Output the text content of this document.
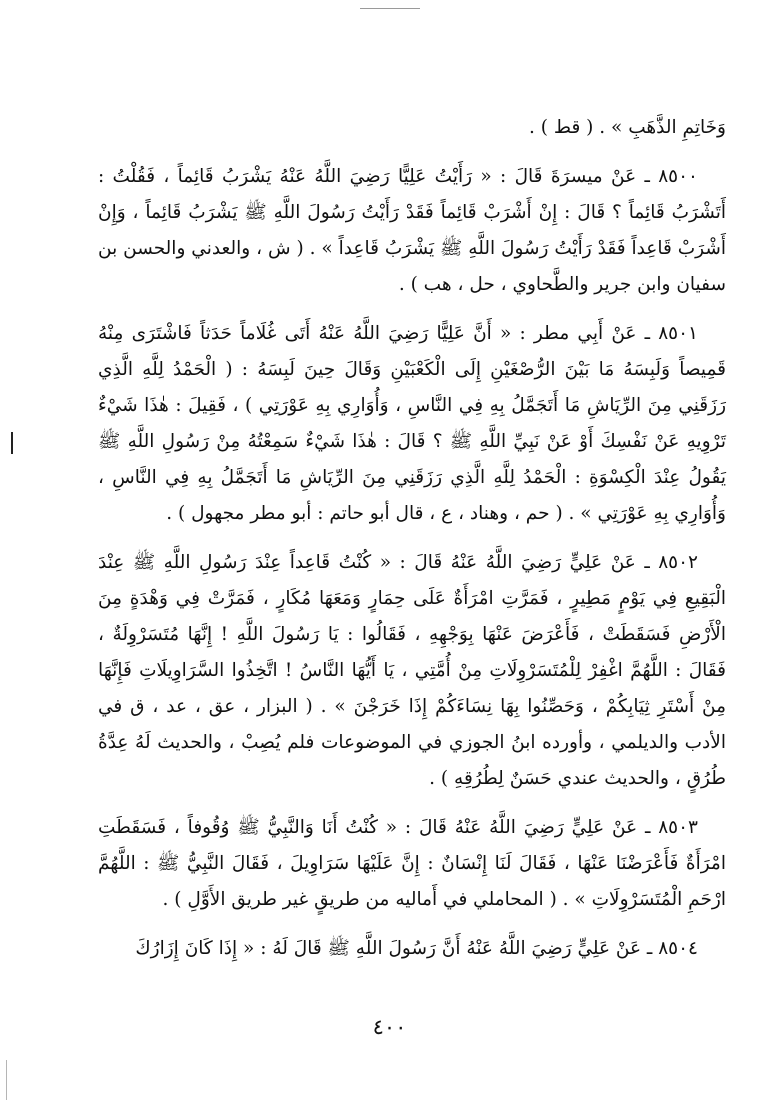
وَخَاتِمِ الذَّهَبِ » . ( قط ) .

٨٥٠٠ ـ عَنْ ميسرَةَ قَالَ : « رَأَيْتُ عَلِيًّا رَضِيَ اللَّهُ عَنْهُ يَشْرَبُ قَائِماً ، فَقُلْتُ : أَتَشْرَبُ قَائِماً ؟ قَالَ : إِنْ أَشْرَبْ قَائِماً فَقَدْ رَأَيْتُ رَسُولَ اللَّهِ ﷺ يَشْرَبُ قَائِماً ، وَإِنْ أَشْرَبْ قَاعِداً فَقَدْ رَأَيْتُ رَسُولَ اللَّهِ ﷺ يَشْرَبُ قَاعِداً » . ( ش ، والعدني والحسن بن سفيان وابن جرير والطَّحاوي ، حل ، هب ) .

٨٥٠١ ـ عَنْ أَبِي مطر : « أَنَّ عَلِيًّا رَضِيَ اللَّهُ عَنْهُ أَتَى غُلَاماً حَدَثاً فَاشْتَرَى مِنْهُ قَمِيصاً وَلَبِسَهُ مَا بَيْنَ الرُّصْغَيْنِ إِلَى الْكَعْبَيْنِ وَقَالَ حِينَ لَبِسَهُ : ( الْحَمْدُ لِلَّهِ الَّذِي رَزَقَنِي مِنَ الرِّيَاشِ مَا أَتَجَمَّلُ بِهِ فِي النَّاسِ ، وَأُوَارِي بِهِ عَوْرَتِي ) ، فَقِيلَ : هٰذَا شَيْءٌ تَرْوِيهِ عَنْ نَفْسِكَ أَوْ عَنْ نَبِيِّ اللَّهِ ﷺ ؟ قَالَ : هٰذَا شَيْءٌ سَمِعْتُهُ مِنْ رَسُولِ اللَّهِ ﷺ يَقُولُ عِنْدَ الْكِسْوَةِ : الْحَمْدُ لِلَّهِ الَّذِي رَزَقَنِي مِنَ الرِّيَاشِ مَا أَتَجَمَّلُ بِهِ فِي النَّاسِ ، وَأُوَارِي بِهِ عَوْرَتِي » . ( حم ، وهناد ، ع ، قال أبو حاتم : أبو مطر مجهول ) .

٨٥٠٢ ـ عَنْ عَلِيٍّ رَضِيَ اللَّهُ عَنْهُ قَالَ : « كُنْتُ قَاعِداً عِنْدَ رَسُولِ اللَّهِ ﷺ عِنْدَ الْبَقِيعِ فِي يَوْمٍ مَطِيرٍ ، فَمَرَّتِ امْرَأَةٌ عَلَى حِمَارٍ وَمَعَهَا مُكَارٍ ، فَمَرَّتْ فِي وَهْدَةٍ مِنَ الْأَرْضِ فَسَقَطَتْ ، فَأَعْرَضَ عَنْهَا بِوَجْهِهِ ، فَقَالُوا : يَا رَسُولَ اللَّهِ ! إِنَّهَا مُتَسَرْوِلَةٌ ، فَقَالَ : اللَّهُمَّ اغْفِرْ لِلْمُتَسَرْوِلَاتِ مِنْ أُمَّتِي ، يَا أَيُّهَا النَّاسُ ! اتَّخِذُوا السَّرَاوِيلَاتِ فَإِنَّهَا مِنْ أَسْتَرِ ثِيَابِكُمْ ، وَحَصِّنُوا بِهَا نِسَاءَكُمْ إِذَا خَرَجْنَ » . ( البزار ، عق ، عد ، ق في الأدب والديلمي ، وأورده ابنُ الجوزي في الموضوعات فلم يُصِبْ ، والحديث لَهُ عِدَّةُ طُرُقٍ ، والحديث عندي حَسَنٌ لِطُرُقِهِ ) .

٨٥٠٣ ـ عَنْ عَلِيٍّ رَضِيَ اللَّهُ عَنْهُ قَالَ : « كُنْتُ أَنَا وَالنَّبِيُّ ﷺ وُقُوفاً ، فَسَقَطَتِ امْرَأَةٌ فَأَعْرَضْنَا عَنْهَا ، فَقَالَ لَنَا إِنْسَانٌ : إِنَّ عَلَيْهَا سَرَاوِيلَ ، فَقَالَ النَّبِيُّ ﷺ : اللَّهُمَّ ارْحَمِ الْمُتَسَرْوِلَاتِ » . ( المحاملي في أَماليه من طريقٍ غير طريق الأَوَّلِ ) .

٨٥٠٤ ـ عَنْ عَلِيٍّ رَضِيَ اللَّهُ عَنْهُ أَنَّ رَسُولَ اللَّهِ ﷺ قَالَ لَهُ : « إِذَا كَانَ إِزَارُكَ

٤٠٠
